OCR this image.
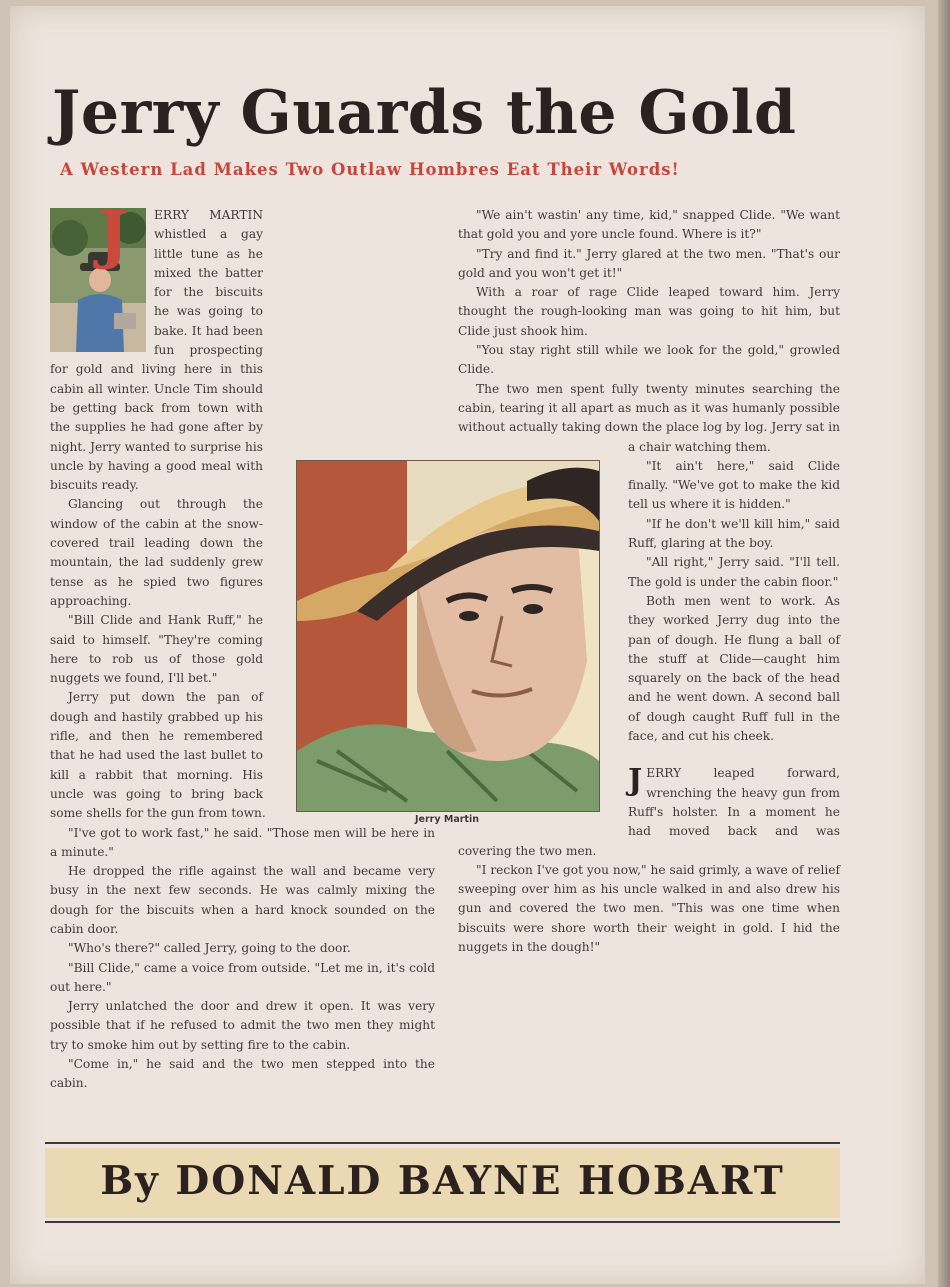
Jerry Guards the Gold
A Western Lad Makes Two Outlaw Hombres Eat Their Words!
J	ERRY MARTIN whistled a gay little tune as he mixed the batter for the biscuits he was going to bake. It had been fun prospecting for gold and living here in this cabin all winter. Uncle Tim should be getting back from town with the supplies he had gone after by night. Jerry wanted to surprise his uncle by having a good meal with biscuits ready.

Glancing out through the window of the cabin at the snow-covered trail leading down the mountain, the lad suddenly grew tense as he spied two figures approaching.

"Bill Clide and Hank Ruff," he said to himself. "They're coming here to rob us of those gold nuggets we found, I'll bet."

Jerry put down the pan of dough and hastily grabbed up his rifle, and then he remembered that he had used the last bullet to kill a rabbit that morning. His uncle was going to bring back some shells for the gun from town.

"I've got to work fast," he said. "Those men will be here in a minute."

He dropped the rifle against the wall and became very busy in the next few seconds. He was calmly mixing the dough for the biscuits when a hard knock sounded on the cabin door.

"Who's there?" called Jerry, going to the door.

"Bill Clide," came a voice from outside. "Let me in, it's cold out here."

Jerry unlatched the door and drew it open. It was very possible that if he refused to admit the two men they might try to smoke him out by setting fire to the cabin.

"Come in," he said and the two men stepped into the cabin.

"We ain't wastin' any time, kid," snapped Clide. "We want that gold you and yore uncle found. Where is it?"

"Try and find it." Jerry glared at the two men. "That's our gold and you won't get it!"

With a roar of rage Clide leaped toward him. Jerry thought the rough-looking man was going to hit him, but Clide just shook him.

"You stay right still while we look for the gold," growled Clide.

The two men spent fully twenty minutes searching the cabin, tearing it all apart as much as it was humanly possible without actually taking down the place log by log. Jerry sat in a chair watching them.

"It ain't here," said Clide finally. "We've got to make the kid tell us where it is hidden."

"If he don't we'll kill him," said Ruff, glaring at the boy.

"All right," Jerry said. "I'll tell. The gold is under the cabin floor."

Both men went to work. As they worked Jerry dug into the pan of dough. He flung a ball of the stuff at Clide—caught him squarely on the back of the head and he went down. A second ball of dough caught Ruff full in the face, and cut his cheek.

JERRY leaped forward, wrenching the heavy gun from Ruff's holster. In a moment he had moved back and was covering the two men.

"I reckon I've got you now," he said grimly, a wave of relief sweeping over him as his uncle walked in and also drew his gun and covered the two men. "This was one time when biscuits were shore worth their weight in gold. I hid the nuggets in the dough!"

Jerry Martin
By DONALD BAYNE HOBART
